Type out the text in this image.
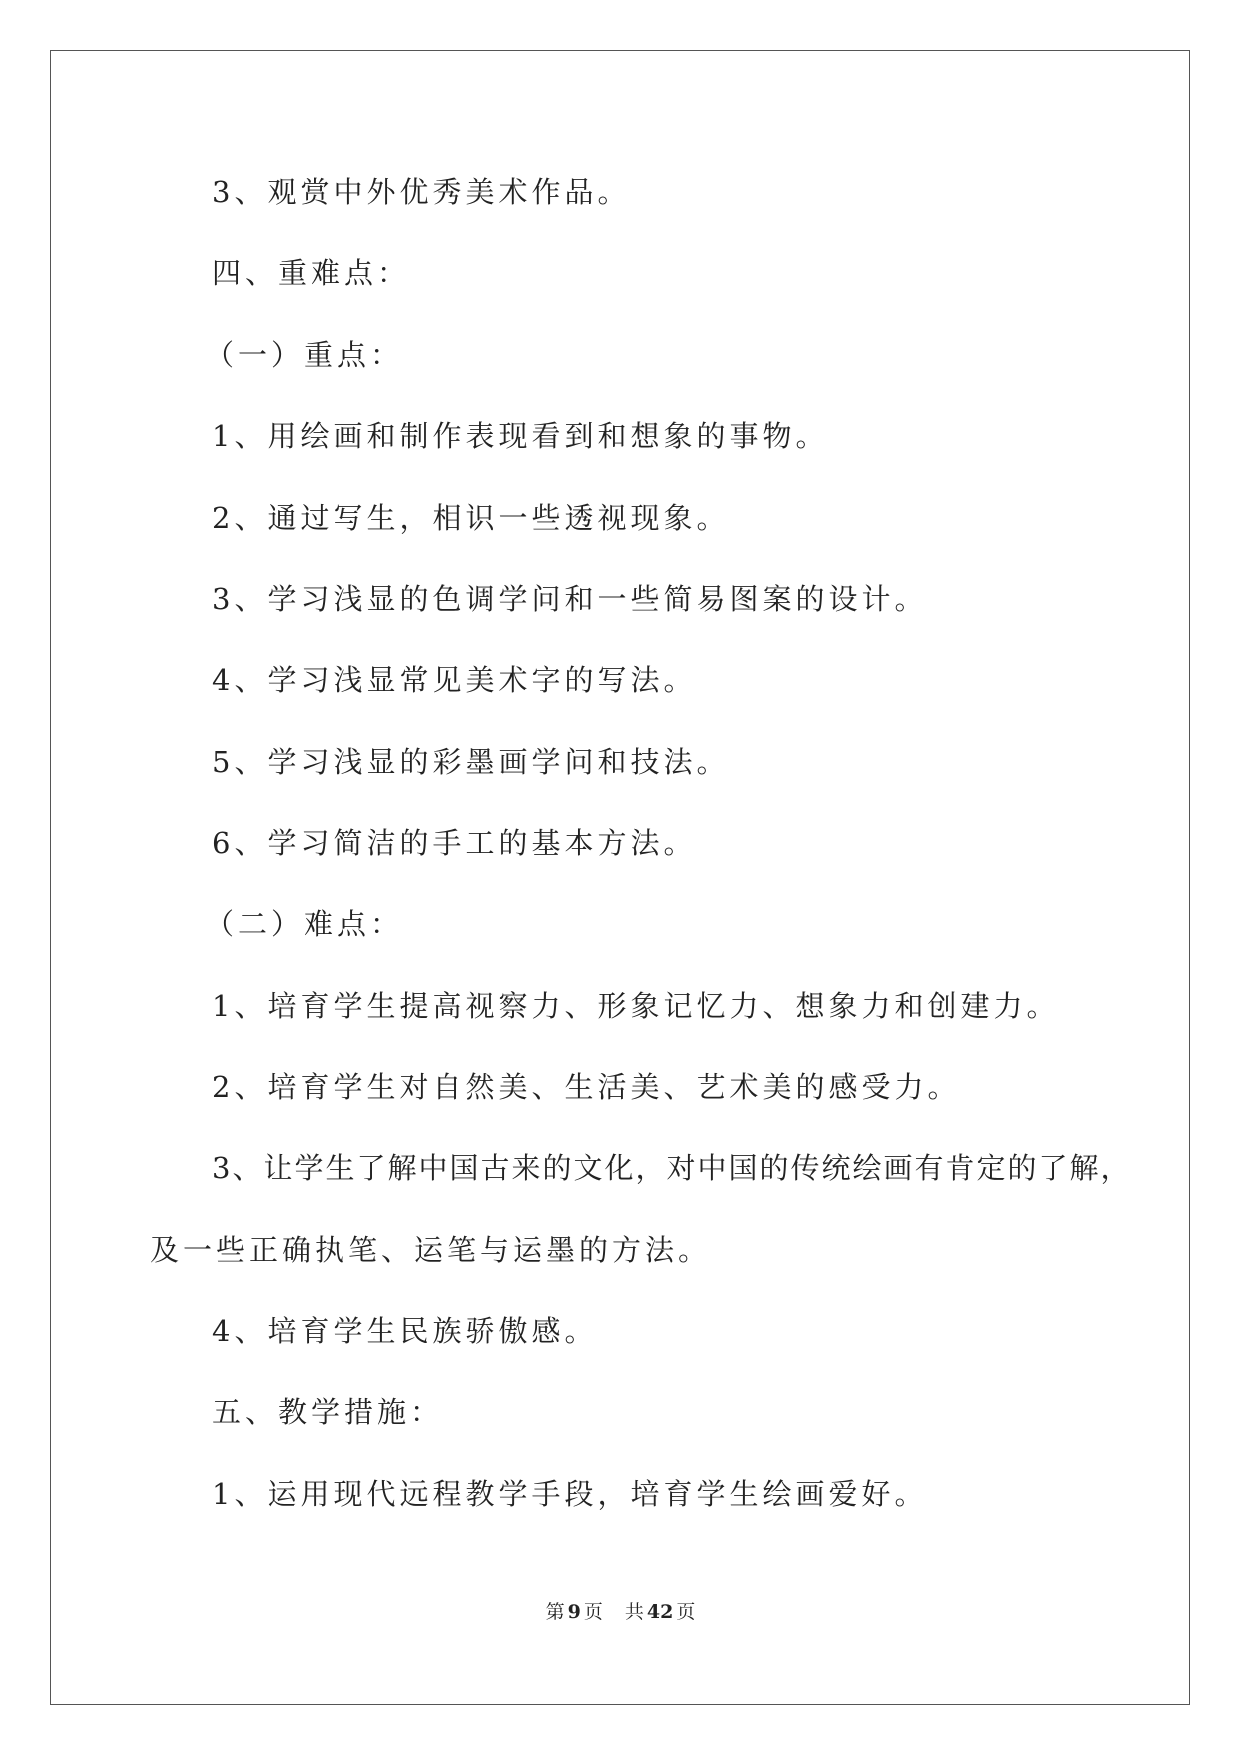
3、观赏中外优秀美术作品。
四、重难点：
（一）重点：
1、用绘画和制作表现看到和想象的事物。
2、通过写生，相识一些透视现象。
3、学习浅显的色调学问和一些简易图案的设计。
4、学习浅显常见美术字的写法。
5、学习浅显的彩墨画学问和技法。
6、学习简洁的手工的基本方法。
（二）难点：
1、培育学生提高视察力、形象记忆力、想象力和创建力。
2、培育学生对自然美、生活美、艺术美的感受力。
3、让学生了解中国古来的文化，对中国的传统绘画有肯定的了解，
及一些正确执笔、运笔与运墨的方法。
4、培育学生民族骄傲感。
五、教学措施：
1、运用现代远程教学手段，培育学生绘画爱好。
第 9 页 共 42 页
